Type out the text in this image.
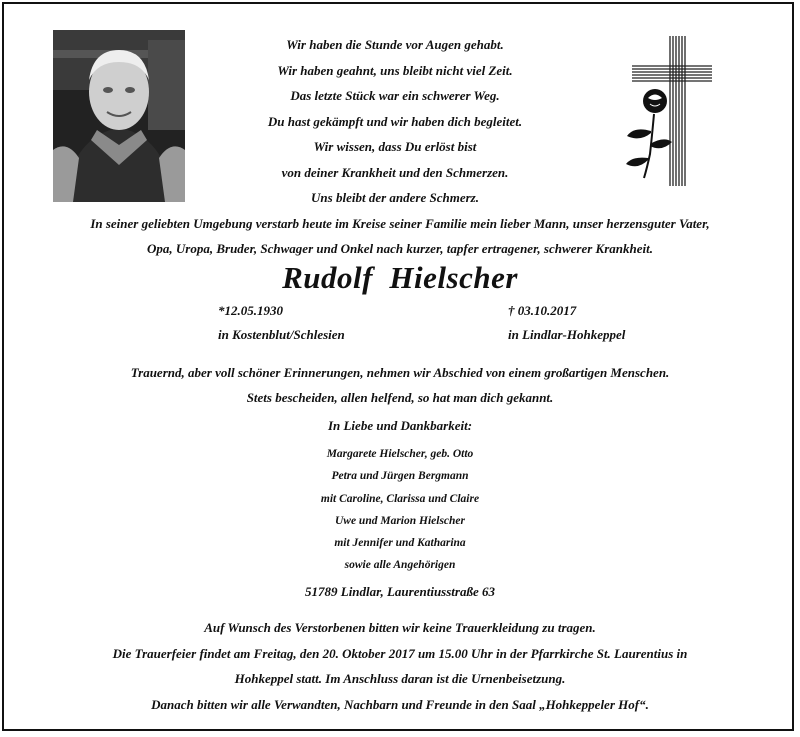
Wir haben die Stunde vor Augen gehabt.
Wir haben geahnt, uns bleibt nicht viel Zeit.
Das letzte Stück war ein schwerer Weg.
Du hast gekämpft und wir haben dich begleitet.
Wir wissen, dass Du erlöst bist
von deiner Krankheit und den Schmerzen.
Uns bleibt der andere Schmerz.
In seiner geliebten Umgebung verstarb heute im Kreise seiner Familie mein lieber Mann, unser herzensguter Vater,
Opa, Uropa, Bruder, Schwager und Onkel nach kurzer, tapfer ertragener, schwerer Krankheit.
Rudolf  Hielscher
*12.05.1930
in Kostenblut/Schlesien
† 03.10.2017
in Lindlar-Hohkeppel
Trauernd, aber voll schöner Erinnerungen, nehmen wir Abschied von einem großartigen Menschen.
Stets bescheiden, allen helfend, so hat man dich gekannt.
In Liebe und Dankbarkeit:
Margarete Hielscher, geb. Otto
Petra und Jürgen Bergmann
mit Caroline, Clarissa und Claire
Uwe und Marion Hielscher
mit Jennifer und Katharina
sowie alle Angehörigen
51789 Lindlar, Laurentiusstraße 63
Auf Wunsch des Verstorbenen bitten wir keine Trauerkleidung zu tragen.
Die Trauerfeier findet am Freitag, den 20. Oktober 2017 um 15.00 Uhr in der Pfarrkirche St. Laurentius in
Hohkeppel statt. Im Anschluss daran ist die Urnenbeisetzung.
Danach bitten wir alle Verwandten, Nachbarn und Freunde in den Saal „Hohkeppeler Hof“.
